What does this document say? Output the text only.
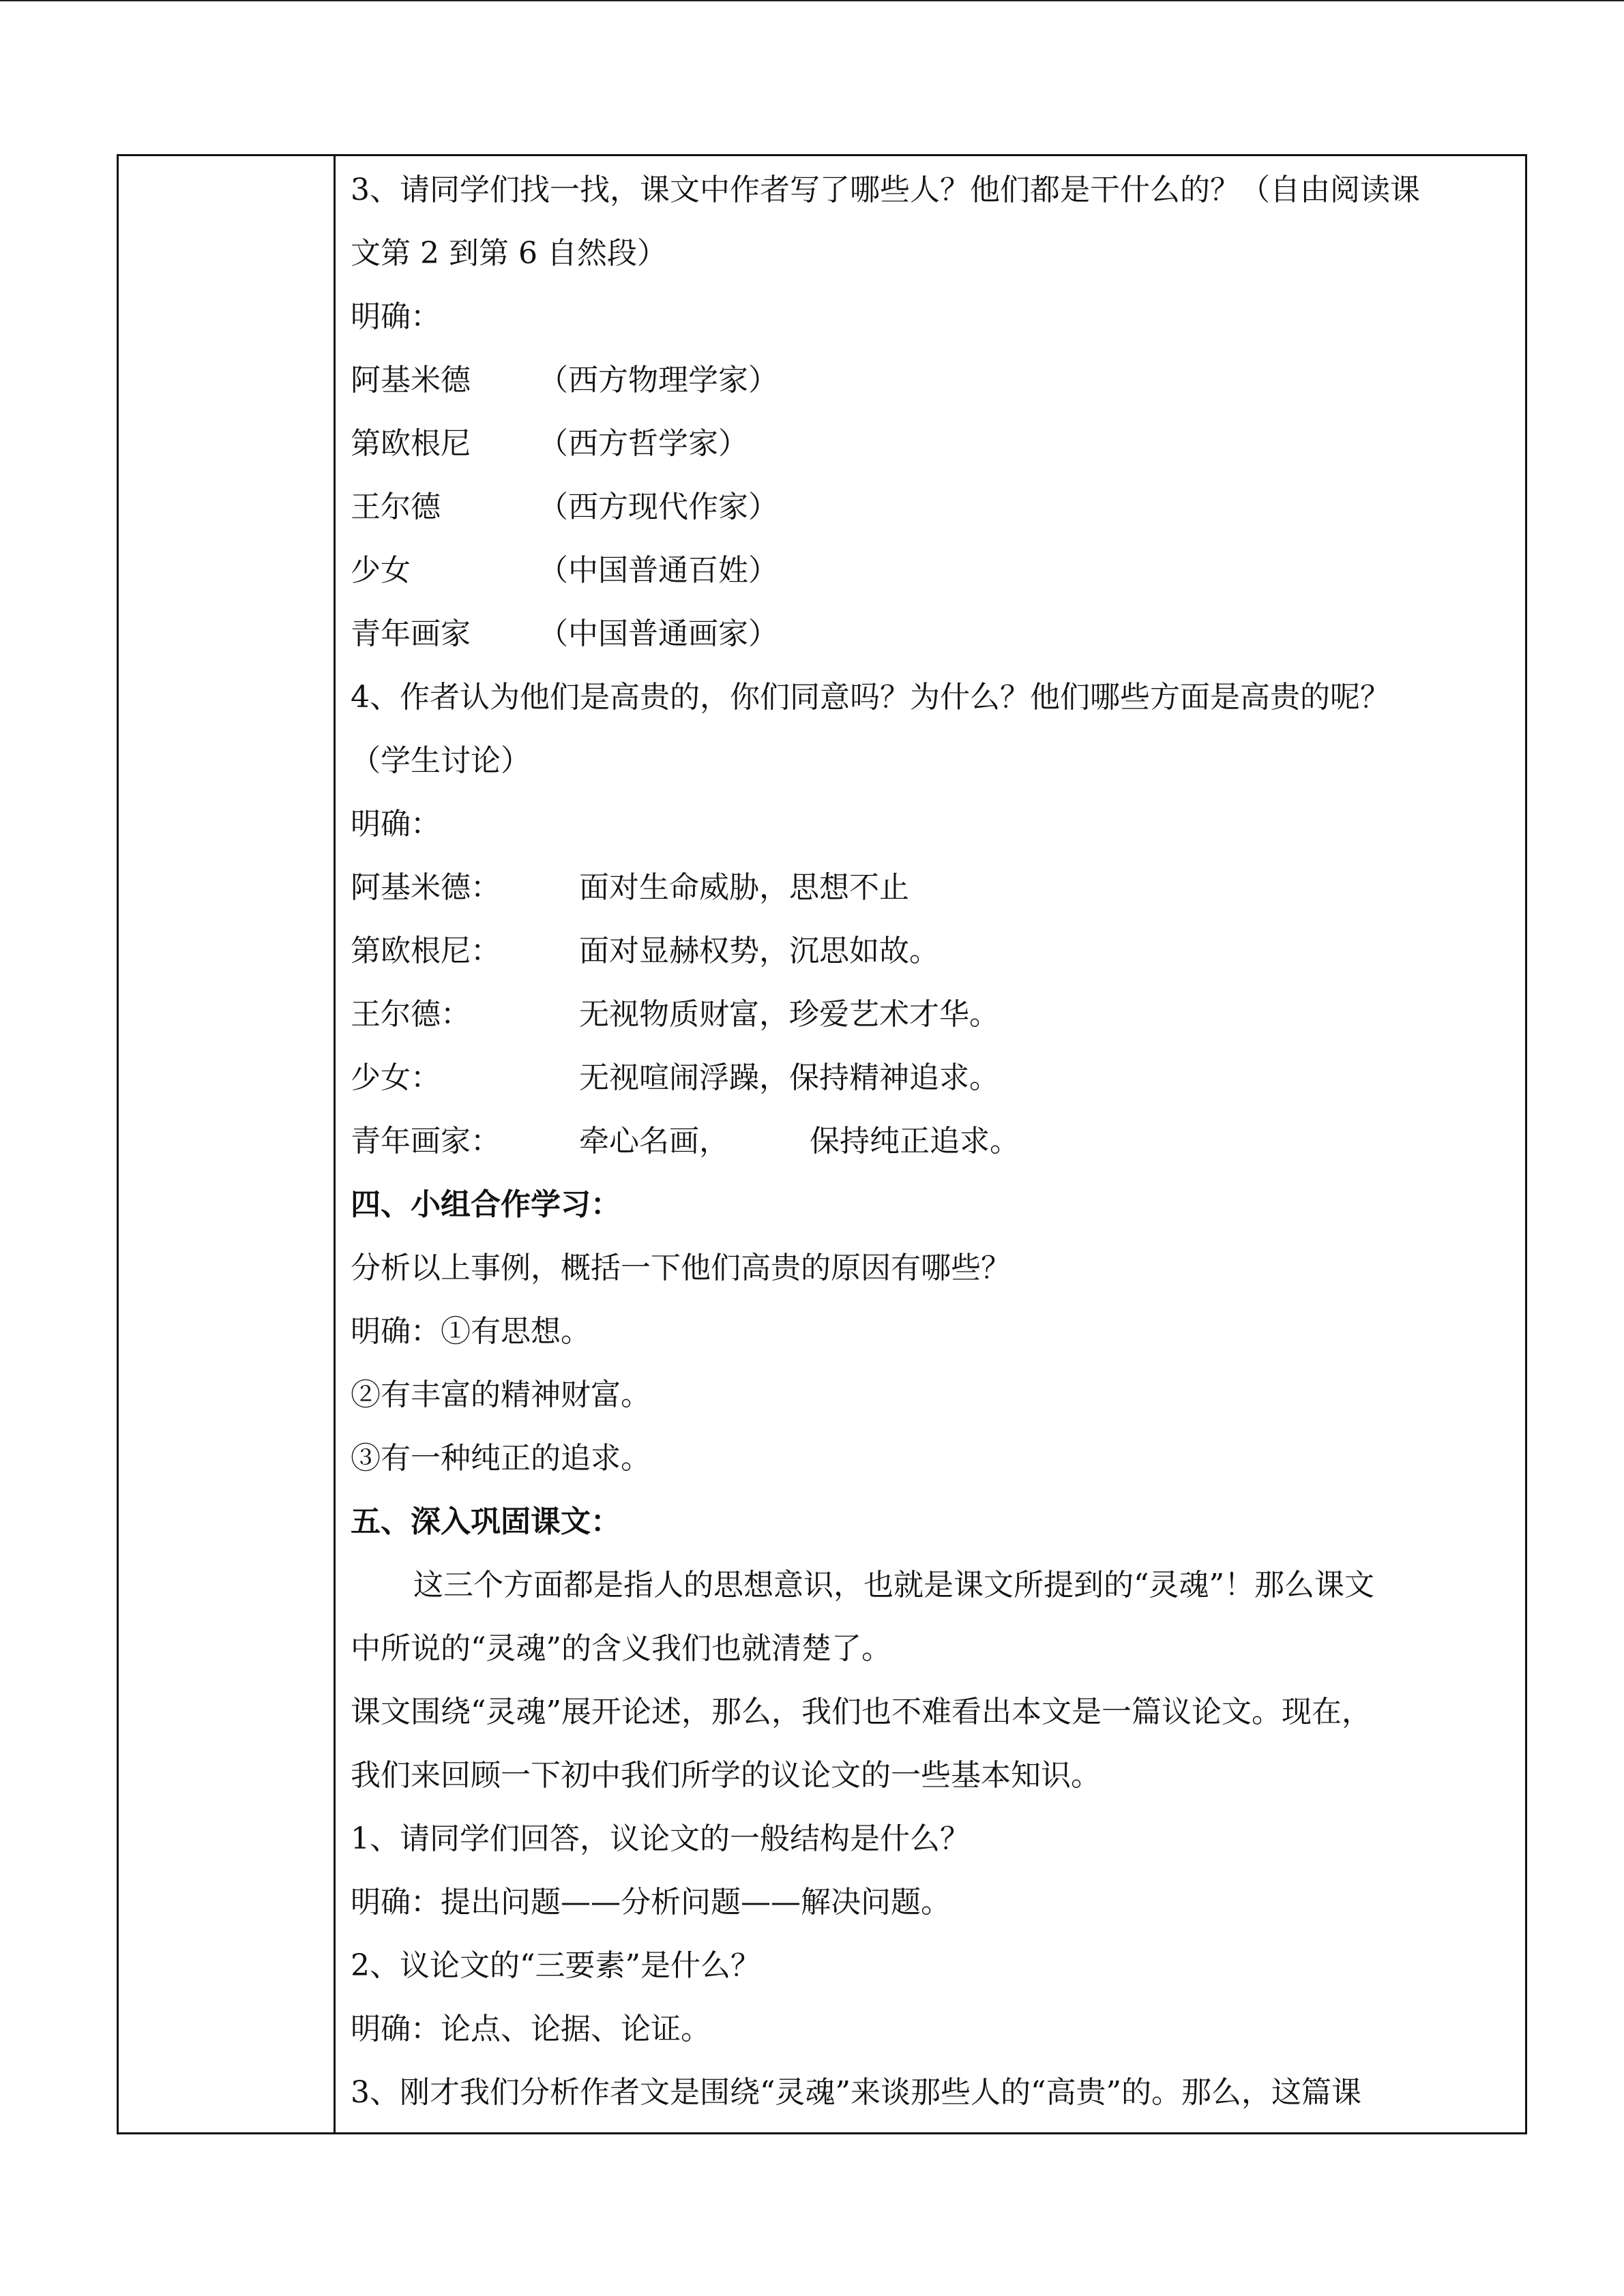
3、请同学们找一找，课文中作者写了哪些人？他们都是干什么的？（自由阅读课
文第 2 到第 6 自然段）
明确：
阿基米德 （西方物理学家）
第欧根尼 （西方哲学家）
王尔德	（西方现代作家）
少女	（中国普通百姓）
青年画家 （中国普通画家）
4、作者认为他们是高贵的，你们同意吗？为什么？他们哪些方面是高贵的呢？
（学生讨论）
明确：
阿基米德：	面对生命威胁，思想不止
第欧根尼：	面对显赫权势，沉思如故。
王尔德：	无视物质财富，珍爱艺术才华。
少女：	无视喧闹浮躁，保持精神追求。
青年画家：	牵心名画，	保持纯正追求。
四、小组合作学习：
分析以上事例，概括一下他们高贵的原因有哪些？
明确：①有思想。
②有丰富的精神财富。
③有一种纯正的追求。
五、深入巩固课文：
这三个方面都是指人的思想意识，也就是课文所提到的“灵魂”！那么课文
中所说的“灵魂”的含义我们也就清楚了。
课文围绕“灵魂”展开论述，那么，我们也不难看出本文是一篇议论文。现在，
我们来回顾一下初中我们所学的议论文的一些基本知识。
1、请同学们回答，议论文的一般结构是什么？
明确：提出问题——分析问题——解决问题。
2、议论文的“三要素”是什么？
明确：论点、论据、论证。
3、刚才我们分析作者文是围绕“灵魂”来谈那些人的“高贵”的。那么，这篇课
